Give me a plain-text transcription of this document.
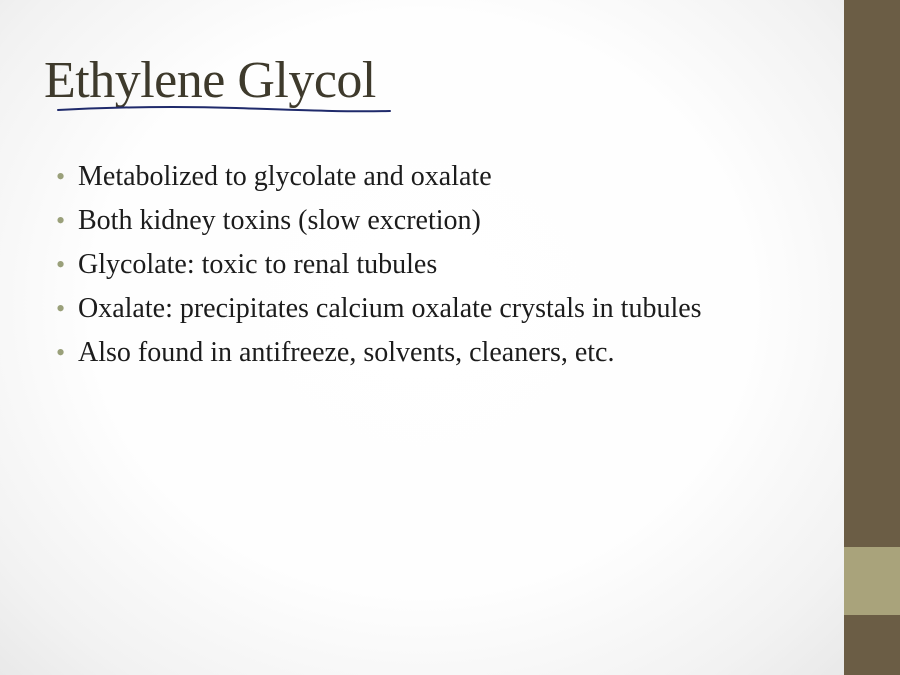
Ethylene Glycol
• Metabolized to glycolate and oxalate
• Both kidney toxins (slow excretion)
• Glycolate: toxic to renal tubules
• Oxalate: precipitates calcium oxalate crystals in tubules
• Also found in antifreeze, solvents, cleaners, etc.
